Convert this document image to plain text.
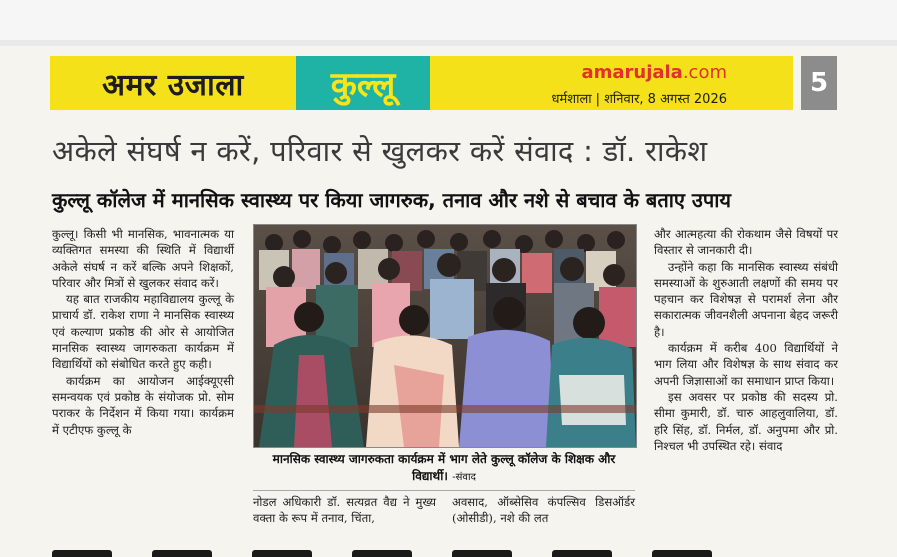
अमर उजाला	कुल्लू	amarujala.com
धर्मशाला | शनिवार, 8 अगस्त 2026
5
अकेले संघर्ष न करें, परिवार से खुलकर करें संवाद : डॉ. राकेश
कुल्लू कॉलेज में मानसिक स्वास्थ्य पर किया जागरुक, तनाव और नशे से बचाव के बताए उपाय

कुल्लू। किसी भी मानसिक, भावनात्मक या व्यक्तिगत समस्या की स्थिति में विद्यार्थी अकेले संघर्ष न करें बल्कि अपने शिक्षकों, परिवार और मित्रों से खुलकर संवाद करें।

यह बात राजकीय महाविद्यालय कुल्लू के प्राचार्य डॉ. राकेश राणा ने मानसिक स्वास्थ्य एवं कल्याण प्रकोष्ठ की ओर से आयोजित मानसिक स्वास्थ्य जागरुकता कार्यक्रम में विद्यार्थियों को संबोधित करते हुए कही।

कार्यक्रम का आयोजन आईक्यूएसी समन्वयक एवं प्रकोष्ठ के संयोजक प्रो. सोम पराकर के निर्देशन में किया गया। कार्यक्रम में एटीएफ कुल्लू के

मानसिक स्वास्थ्य जागरुकता कार्यक्रम में भाग लेते कुल्लू कॉलेज के शिक्षक और विद्यार्थी। -संवाद
नोडल अधिकारी डॉ. सत्यव्रत वैद्य ने मुख्य वक्ता के रूप में तनाव, चिंता,
अवसाद, ऑब्सेसिव कंपल्सिव डिसऑर्डर (ओसीडी), नशे की लत

और आत्महत्या की रोकथाम जैसे विषयों पर विस्तार से जानकारी दी।

उन्होंने कहा कि मानसिक स्वास्थ्य संबंधी समस्याओं के शुरुआती लक्षणों की समय पर पहचान कर विशेषज्ञ से परामर्श लेना और सकारात्मक जीवनशैली अपनाना बेहद जरूरी है।

कार्यक्रम में करीब 400 विद्यार्थियों ने भाग लिया और विशेषज्ञ के साथ संवाद कर अपनी जिज्ञासाओं का समाधान प्राप्त किया।

इस अवसर पर प्रकोष्ठ की सदस्य प्रो. सीमा कुमारी, डॉ. चारु आहलुवालिया, डॉ. हरि सिंह, डॉ. निर्मल, डॉ. अनुपमा और प्रो. निश्चल भी उपस्थित रहे। संवाद
